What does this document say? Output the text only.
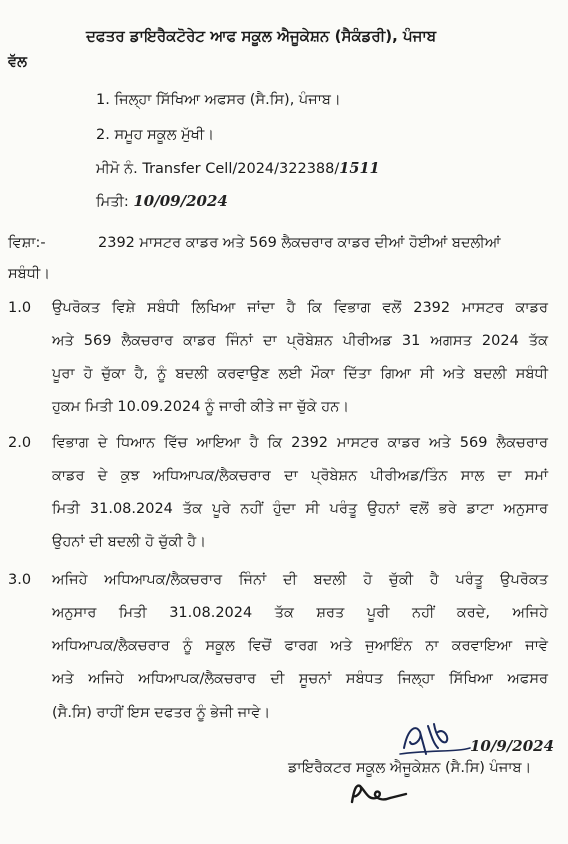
ਦਫਤਰ ਡਾਇਰੈਕਟੋਰੇਟ ਆਫ ਸਕੂਲ ਐਜੂਕੇਸ਼ਨ (ਸੈਕੰਡਰੀ), ਪੰਜਾਬ
ਵੱਲ
1. ਜਿਲ੍ਹਾ ਸਿੱਖਿਆ ਅਫਸਰ (ਸੈ.ਸਿ), ਪੰਜਾਬ।
2. ਸਮੂਹ ਸਕੂਲ ਮੁੱਖੀ।
ਮੀਮੋ ਨੰ. Transfer Cell/2024/322388/1511
ਮਿਤੀ: 10/09/2024
ਵਿਸ਼ਾ:-	2392 ਮਾਸਟਰ ਕਾਡਰ ਅਤੇ 569 ਲੈਕਚਰਾਰ ਕਾਡਰ ਦੀਆਂ ਹੋਈਆਂ ਬਦਲੀਆਂ
ਸਬੰਧੀ।
1.0 ਉਪਰੋਕਤ ਵਿਸ਼ੇ ਸਬੰਧੀ ਲਿਖਿਆ ਜਾਂਦਾ ਹੈ ਕਿ ਵਿਭਾਗ ਵਲੋਂ 2392 ਮਾਸਟਰ ਕਾਡਰ
ਅਤੇ 569 ਲੈਕਚਰਾਰ ਕਾਡਰ ਜਿੰਨਾਂ ਦਾ ਪ੍ਰੋਬੇਸ਼ਨ ਪੀਰੀਅਡ 31 ਅਗਸਤ 2024 ਤੱਕ
ਪੂਰਾ ਹੋ ਚੁੱਕਾ ਹੈ, ਨੂੰ ਬਦਲੀ ਕਰਵਾਉਣ ਲਈ ਮੌਕਾ ਦਿੱਤਾ ਗਿਆ ਸੀ ਅਤੇ ਬਦਲੀ ਸਬੰਧੀ
ਹੁਕਮ ਮਿਤੀ 10.09.2024 ਨੂੰ ਜਾਰੀ ਕੀਤੇ ਜਾ ਚੁੱਕੇ ਹਨ।
2.0 ਵਿਭਾਗ ਦੇ ਧਿਆਨ ਵਿੱਚ ਆਇਆ ਹੈ ਕਿ 2392 ਮਾਸਟਰ ਕਾਡਰ ਅਤੇ 569 ਲੈਕਚਰਾਰ
ਕਾਡਰ ਦੇ ਕੁਝ ਅਧਿਆਪਕ/ਲੈਕਚਰਾਰ ਦਾ ਪ੍ਰੋਬੇਸ਼ਨ ਪੀਰੀਅਡ/ਤਿੰਨ ਸਾਲ ਦਾ ਸਮਾਂ
ਮਿਤੀ 31.08.2024 ਤੱਕ ਪੂਰੇ ਨਹੀਂ ਹੁੰਦਾ ਸੀ ਪਰੰਤੂ ਉਹਨਾਂ ਵਲੋਂ ਭਰੇ ਡਾਟਾ ਅਨੁਸਾਰ
ਉਹਨਾਂ ਦੀ ਬਦਲੀ ਹੋ ਚੁੱਕੀ ਹੈ।
3.0 ਅਜਿਹੇ ਅਧਿਆਪਕ/ਲੈਕਚਰਾਰ ਜਿੰਨਾਂ ਦੀ ਬਦਲੀ ਹੋ ਚੁੱਕੀ ਹੈ ਪਰੰਤੂ ਉਪਰੋਕਤ
ਅਨੁਸਾਰ ਮਿਤੀ 31.08.2024 ਤੱਕ ਸ਼ਰਤ ਪੂਰੀ ਨਹੀਂ ਕਰਦੇ, ਅਜਿਹੇ
ਅਧਿਆਪਕ/ਲੈਕਚਰਾਰ ਨੂੰ ਸਕੂਲ ਵਿਚੋਂ ਫਾਰਗ ਅਤੇ ਜੁਆਇੰਨ ਨਾ ਕਰਵਾਇਆ ਜਾਵੇ
ਅਤੇ ਅਜਿਹੇ ਅਧਿਆਪਕ/ਲੈਕਚਰਾਰ ਦੀ ਸੂਚਨਾਂ ਸਬੰਧਤ ਜਿਲ੍ਹਾ ਸਿੱਖਿਆ ਅਫਸਰ
(ਸੈ.ਸਿ) ਰਾਹੀਂ ਇਸ ਦਫਤਰ ਨੂੰ ਭੇਜੀ ਜਾਵੇ।
10/9/2024
ਡਾਇਰੈਕਟਰ ਸਕੂਲ ਐਜੂਕੇਸ਼ਨ (ਸੈ.ਸਿ) ਪੰਜਾਬ।
